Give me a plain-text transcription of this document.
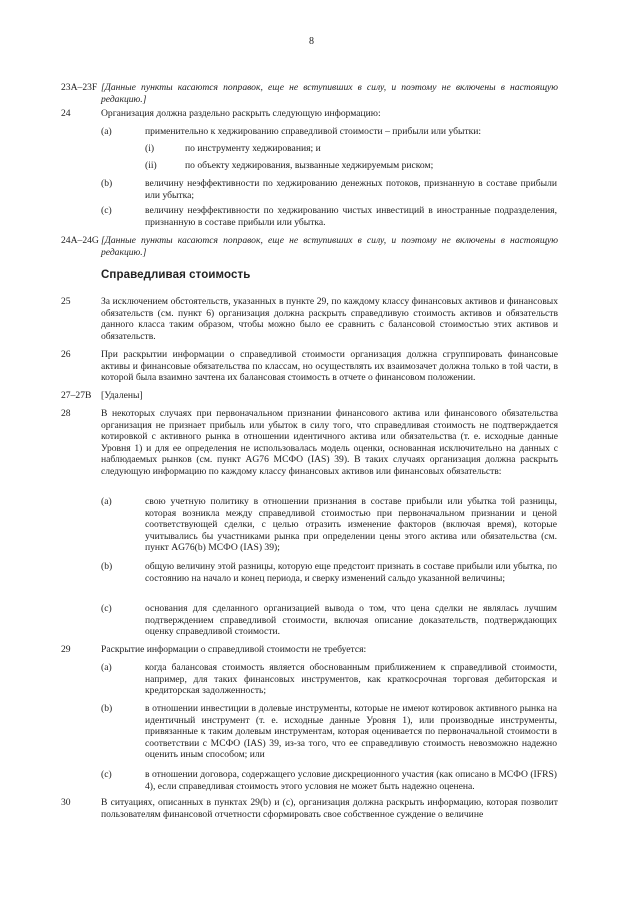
8
23A–23F [Данные пункты касаются поправок, еще не вступивших в силу, и поэтому не включены в настоящую редакцию.]
24	Организация должна раздельно раскрыть следующую информацию:
(a)	применительно к хеджированию справедливой стоимости – прибыли или убытки:
(i)	по инструменту хеджирования; и
(ii)	по объекту хеджирования, вызванные хеджируемым риском;
(b)	величину неэффективности по хеджированию денежных потоков, признанную в составе прибыли или убытка;
(c)	величину неэффективности по хеджированию чистых инвестиций в иностранные подразделения, признанную в составе прибыли или убытка.
24A–24G [Данные пункты касаются поправок, еще не вступивших в силу, и поэтому не включены в настоящую редакцию.]
Справедливая стоимость
25	За исключением обстоятельств, указанных в пункте 29, по каждому классу финансовых активов и финансовых обязательств (см. пункт 6) организация должна раскрыть справедливую стоимость активов и обязательств данного класса таким образом, чтобы можно было ее сравнить с балансовой стоимостью этих активов и обязательств.
26	При раскрытии информации о справедливой стоимости организация должна сгруппировать финансовые активы и финансовые обязательства по классам, но осуществлять их взаимозачет должна только в той части, в которой была взаимно зачтена их балансовая стоимость в отчете о финансовом положении.
27–27B [Удалены]
28	В некоторых случаях при первоначальном признании финансового актива или финансового обязательства организация не признает прибыль или убыток в силу того, что справедливая стоимость не подтверждается котировкой с активного рынка в отношении идентичного актива или обязательства (т. е. исходные данные Уровня 1) и для ее определения не использовалась модель оценки, основанная исключительно на данных с наблюдаемых рынков (см. пункт AG76 МСФО (IAS) 39). В таких случаях организация должна раскрыть следующую информацию по каждому классу финансовых активов или финансовых обязательств:
(a)	свою учетную политику в отношении признания в составе прибыли или убытка той разницы, которая возникла между справедливой стоимостью при первоначальном признании и ценой соответствующей сделки, с целью отразить изменение факторов (включая время), которые учитывались бы участниками рынка при определении цены этого актива или обязательства (см. пункт AG76(b) МСФО (IAS) 39);
(b)	общую величину этой разницы, которую еще предстоит признать в составе прибыли или убытка, по состоянию на начало и конец периода, и сверку изменений сальдо указанной величины;
(c)	основания для сделанного организацией вывода о том, что цена сделки не являлась лучшим подтверждением справедливой стоимости, включая описание доказательств, подтверждающих оценку справедливой стоимости.
29	Раскрытие информации о справедливой стоимости не требуется:
(a)	когда балансовая стоимость является обоснованным приближением к справедливой стоимости, например, для таких финансовых инструментов, как краткосрочная торговая дебиторская и кредиторская задолженность;
(b)	в отношении инвестиции в долевые инструменты, которые не имеют котировок активного рынка на идентичный инструмент (т. е. исходные данные Уровня 1), или производные инструменты, привязанные к таким долевым инструментам, которая оценивается по первоначальной стоимости в соответствии с МСФО (IAS) 39, из-за того, что ее справедливую стоимость невозможно надежно оценить иным способом; или
(c)	в отношении договора, содержащего условие дискреционного участия (как описано в МСФО (IFRS) 4), если справедливая стоимость этого условия не может быть надежно оценена.
30	В ситуациях, описанных в пунктах 29(b) и (c), организация должна раскрыть информацию, которая позволит пользователям финансовой отчетности сформировать свое собственное суждение о величине
